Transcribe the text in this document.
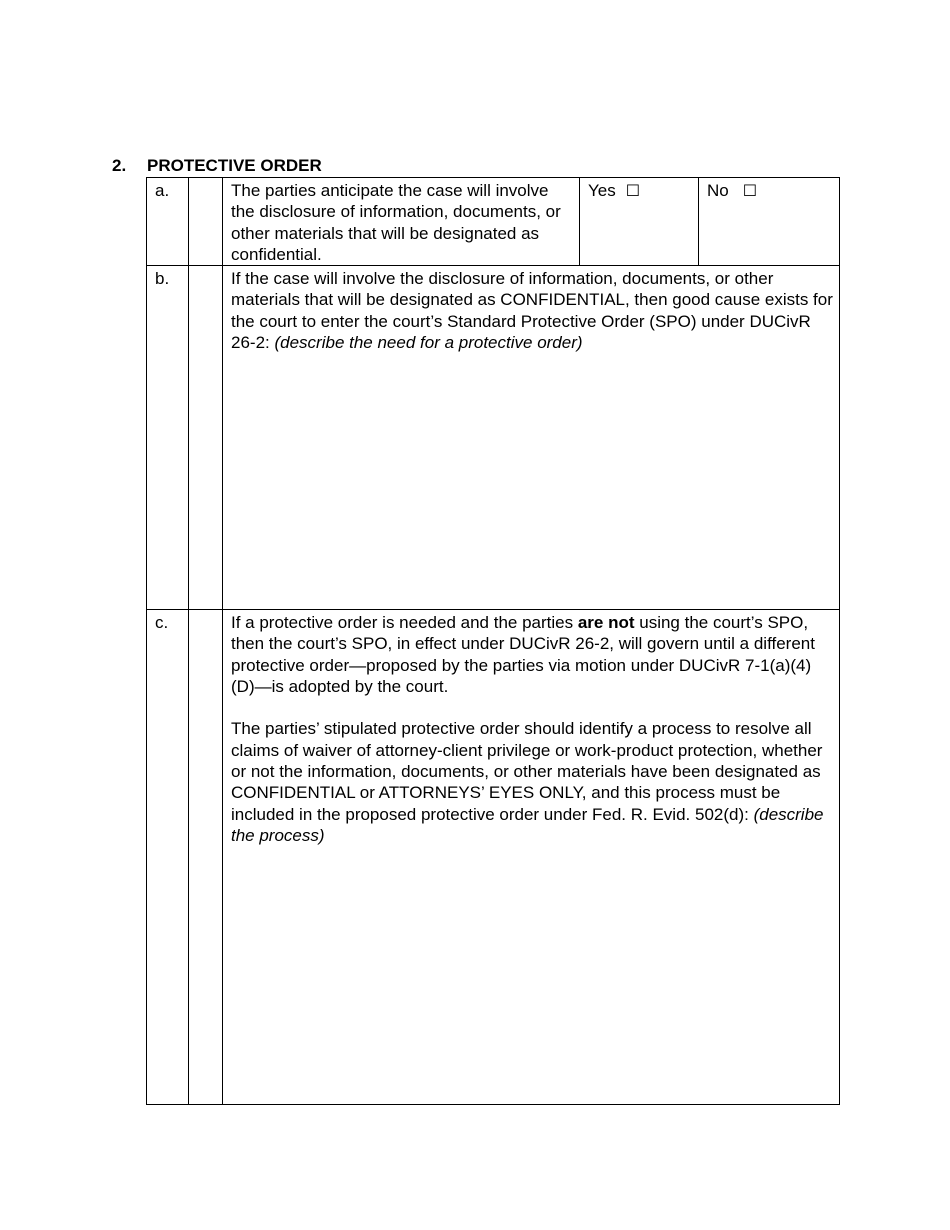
2. PROTECTIVE ORDER
a.		The parties anticipate the case will involve the disclosure of information, documents, or other materials that will be designated as confidential.	Yes ☐	No ☐
b.		If the case will involve the disclosure of information, documents, or other materials that will be designated as CONFIDENTIAL, then good cause exists for the court to enter the court’s Standard Protective Order (SPO) under DUCivR 26-2: (describe the need for a protective order)		
c.		If a protective order is needed and the parties are not using the court’s SPO, then the court’s SPO, in effect under DUCivR 26-2, will govern until a different protective order—proposed by the parties via motion under DUCivR 7-1(a)(4)(D)—is adopted by the court.
The parties’ stipulated protective order should identify a process to resolve all claims of waiver of attorney-client privilege or work-product protection, whether or not the information, documents, or other materials have been designated as CONFIDENTIAL or ATTORNEYS’ EYES ONLY, and this process must be included in the proposed protective order under Fed. R. Evid. 502(d): (describe the process)		
